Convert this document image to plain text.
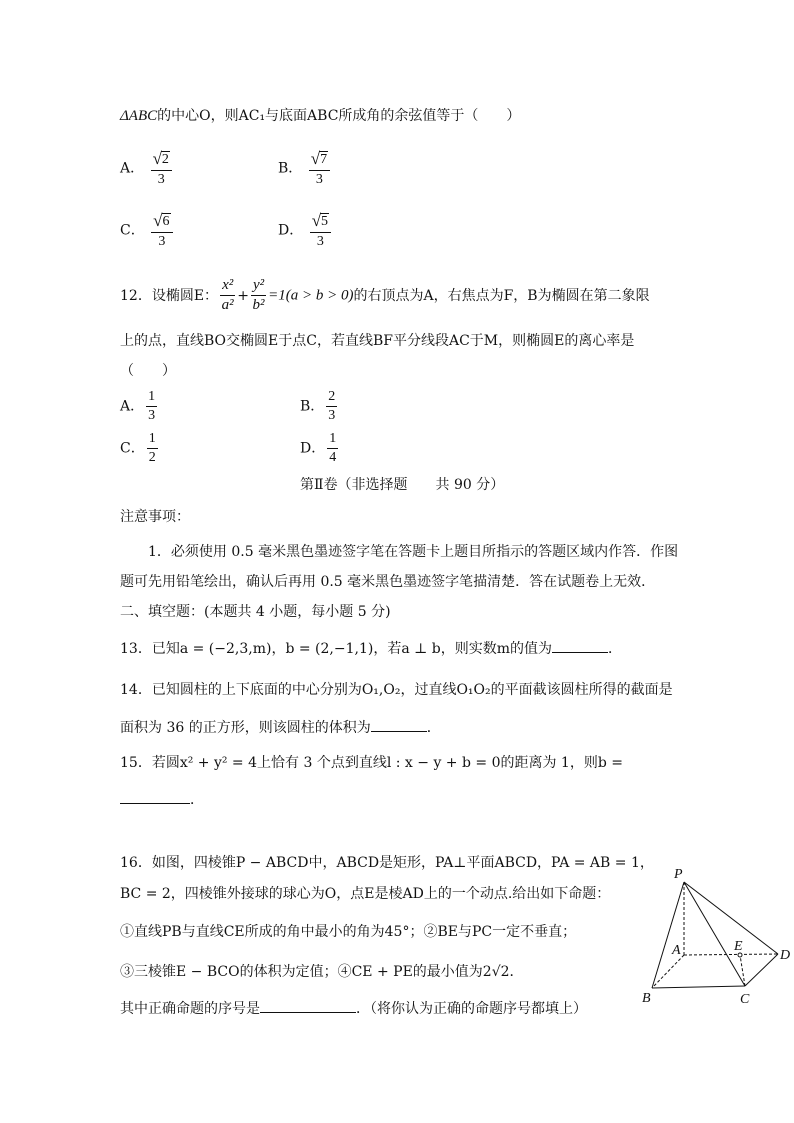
ΔABC的中心O，则AC₁与底面ABC所成角的余弦值等于（　　）
A． $\frac{√ 2}{3}$	B． $\frac{√ 7}{3}$
C． $\frac{√ 6}{3}$	D． $\frac{√ 5}{3}$
12．设椭圆E： $\frac{\text{x²}}{\text{a²}} + \frac{\text{y²}}{\text{b²}} =1(a > b > 0)$的右顶点为A，右焦点为F，B为椭圆在第二象限
上的点，直线BO交椭圆E于点C，若直线BF平分线段AC于M，则椭圆E的离心率是
（　　）
A． $\frac{1}{3}$	B． $\frac{2}{3}$
C． $\frac{1}{2}$	D． $\frac{1}{4}$
第Ⅱ卷（非选择题　　共 90 分）
注意事项：
1．必须使用 0.5 毫米黑色墨迹签字笔在答题卡上题目所指示的答题区域内作答．作图
题可先用铅笔绘出，确认后再用 0.5 毫米黑色墨迹签字笔描清楚．答在试题卷上无效．
二、填空题：(本题共 4 小题，每小题 5 分)
13．已知a = (−2,3,m)，b = (2,−1,1)，若a ⊥ b，则实数m的值为	．
14．已知圆柱的上下底面的中心分别为O₁,O₂，过直线O₁O₂的平面截该圆柱所得的截面是
面积为 36 的正方形，则该圆柱的体积为	．
15．若圆x² + y² = 4上恰有 3 个点到直线l : x − y + b = 0的距离为 1，则b =
．
16．如图，四棱锥P − ABCD中，ABCD是矩形，PA⊥平面ABCD，PA = AB = 1，
BC = 2，四棱锥外接球的球心为O，点E是棱AD上的一个动点.给出如下命题：
①直线PB与直线CE所成的角中最小的角为45°；②BE与PC一定不垂直；
③三棱锥E − BCO的体积为定值；④CE + PE的最小值为2√2．
其中正确命题的序号是	．（将你认为正确的命题序号都填上）
P
A
B	C
D
E
